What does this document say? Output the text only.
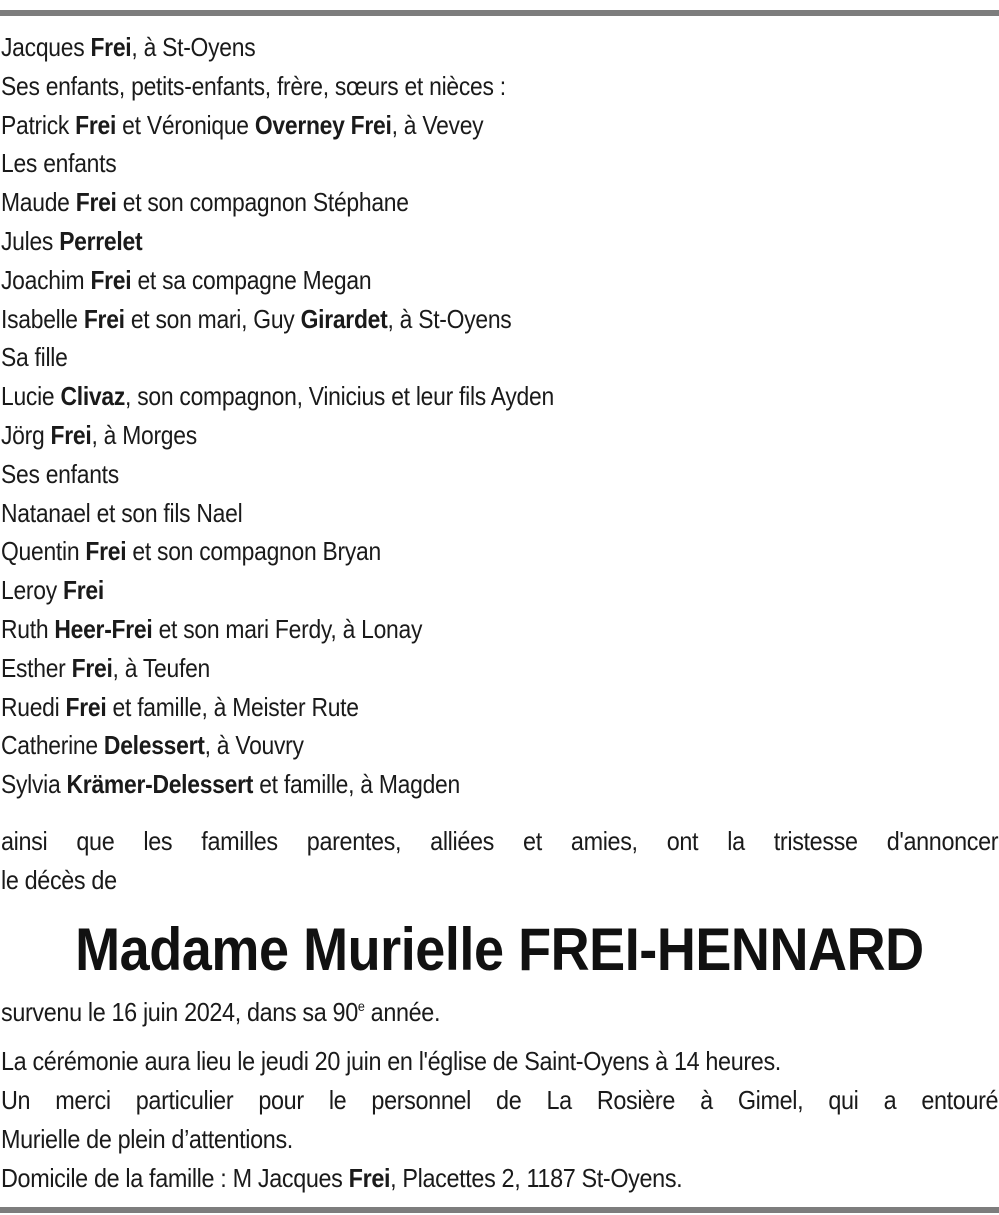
Jacques Frei, à St-Oyens
Ses enfants, petits-enfants, frère, sœurs et nièces :
Patrick Frei et Véronique Overney Frei, à Vevey
Les enfants
Maude Frei et son compagnon Stéphane
Jules Perrelet
Joachim Frei et sa compagne Megan
Isabelle Frei et son mari, Guy Girardet, à St-Oyens
Sa fille
Lucie Clivaz, son compagnon, Vinicius et leur fils Ayden
Jörg Frei, à Morges
Ses enfants
Natanael et son fils Nael
Quentin Frei et son compagnon Bryan
Leroy Frei
Ruth Heer-Frei et son mari Ferdy, à Lonay
Esther Frei, à Teufen
Ruedi Frei et famille, à Meister Rute
Catherine Delessert, à Vouvry
Sylvia Krämer-Delessert et famille, à Magden

ainsi que les familles parentes, alliées et amies, ont la tristesse d'annoncer
le décès de

Madame Murielle FREI-HENNARD

survenu le 16 juin 2024, dans sa 90e année.

La cérémonie aura lieu le jeudi 20 juin en l'église de Saint-Oyens à 14 heures.
Un merci particulier pour le personnel de La Rosière à Gimel, qui a entouré
Murielle de plein d’attentions.
Domicile de la famille : M Jacques Frei, Placettes 2, 1187 St-Oyens.
